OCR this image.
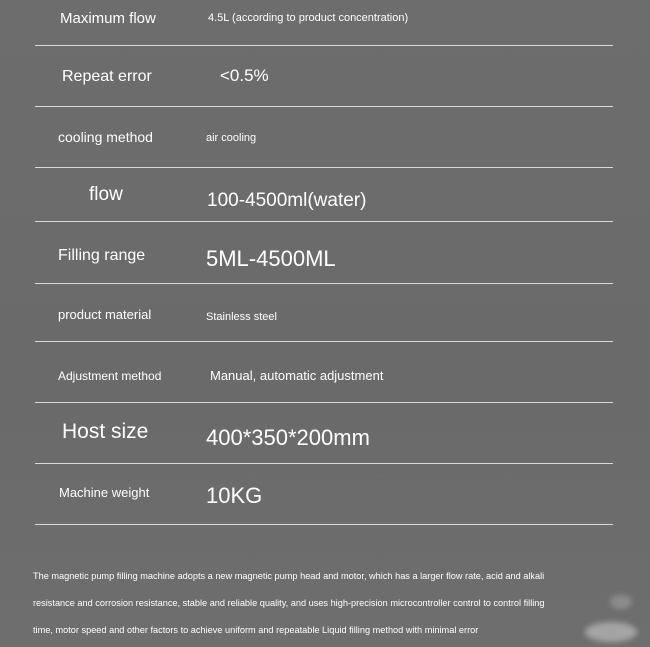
Maximum flow	4.5L (according to product concentration)
Repeat error	<0.5%
cooling method	air cooling
flow	100-4500ml(water)
Filling range	5ML-4500ML
product material	Stainless steel
Adjustment method	Manual, automatic adjustment
Host size	400*350*200mm
Machine weight	10KG
The magnetic pump filling machine adopts a new magnetic pump head and motor, which has a larger flow rate, acid and alkali
resistance and corrosion resistance, stable and reliable quality, and uses high-precision microcontroller control to control filling
time, motor speed and other factors to achieve uniform and repeatable Liquid filling method with minimal error
